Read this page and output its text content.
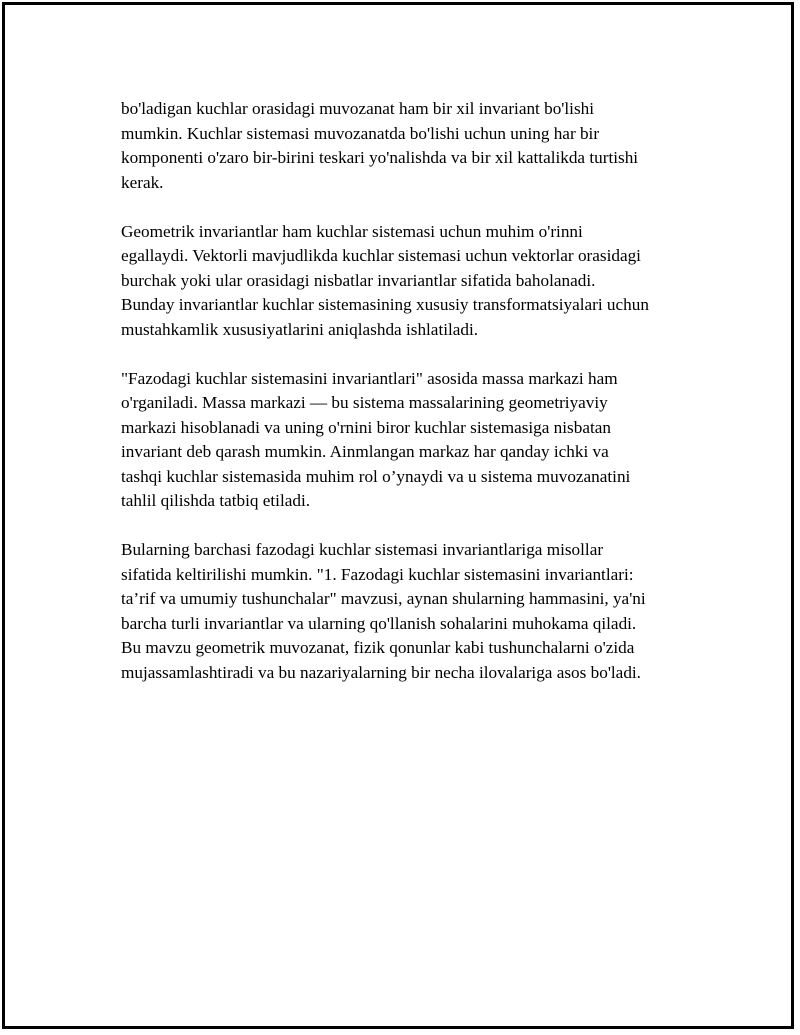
bo'ladigan kuchlar orasidagi muvozanat ham bir xil invariant bo'lishi
mumkin. Kuchlar sistemasi muvozanatda bo'lishi uchun uning har bir
komponenti o'zaro bir-birini teskari yo'nalishda va bir xil kattalikda turtishi
kerak.

Geometrik invariantlar ham kuchlar sistemasi uchun muhim o'rinni
egallaydi. Vektorli mavjudlikda kuchlar sistemasi uchun vektorlar orasidagi
burchak yoki ular orasidagi nisbatlar invariantlar sifatida baholanadi.
Bunday invariantlar kuchlar sistemasining xususiy transformatsiyalari uchun
mustahkamlik xususiyatlarini aniqlashda ishlatiladi.

"Fazodagi kuchlar sistemasini invariantlari" asosida massa markazi ham
o'rganiladi. Massa markazi — bu sistema massalarining geometriyaviy
markazi hisoblanadi va uning o'rnini biror kuchlar sistemasiga nisbatan
invariant deb qarash mumkin. Ainmlangan markaz har qanday ichki va
tashqi kuchlar sistemasida muhim rol o’ynaydi va u sistema muvozanatini
tahlil qilishda tatbiq etiladi.

Bularning barchasi fazodagi kuchlar sistemasi invariantlariga misollar
sifatida keltirilishi mumkin. "1. Fazodagi kuchlar sistemasini invariantlari:
ta’rif va umumiy tushunchalar" mavzusi, aynan shularning hammasini, ya'ni
barcha turli invariantlar va ularning qo'llanish sohalarini muhokama qiladi.
Bu mavzu geometrik muvozanat, fizik qonunlar kabi tushunchalarni o'zida
mujassamlashtiradi va bu nazariyalarning bir necha ilovalariga asos bo'ladi.
